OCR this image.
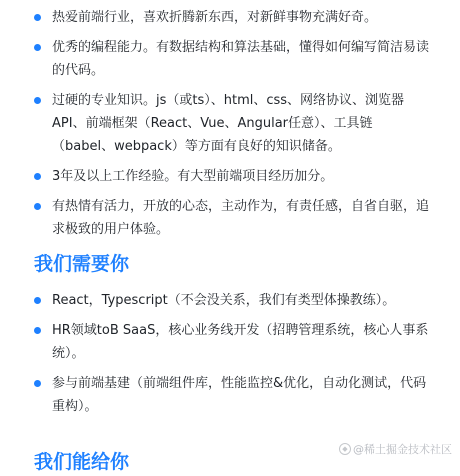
热爱前端行业，喜欢折腾新东西，对新鲜事物充满好奇。
优秀的编程能力。有数据结构和算法基础，懂得如何编写简洁易读的代码。
过硬的专业知识。js（或ts）、html、css、网络协议、浏览器API、前端框架（React、Vue、Angular任意）、工具链（babel、webpack）等方面有良好的知识储备。
3年及以上工作经验。有大型前端项目经历加分。
有热情有活力，开放的心态，主动作为，有责任感，自省自驱，追求极致的用户体验。
我们需要你
React，Typescript（不会没关系，我们有类型体操教练）。
HR领域toB SaaS，核心业务线开发（招聘管理系统，核心人事系统）。
参与前端基建（前端组件库，性能监控&优化，自动化测试，代码重构）。
◆ @稀土掘金技术社区
我们能给你
